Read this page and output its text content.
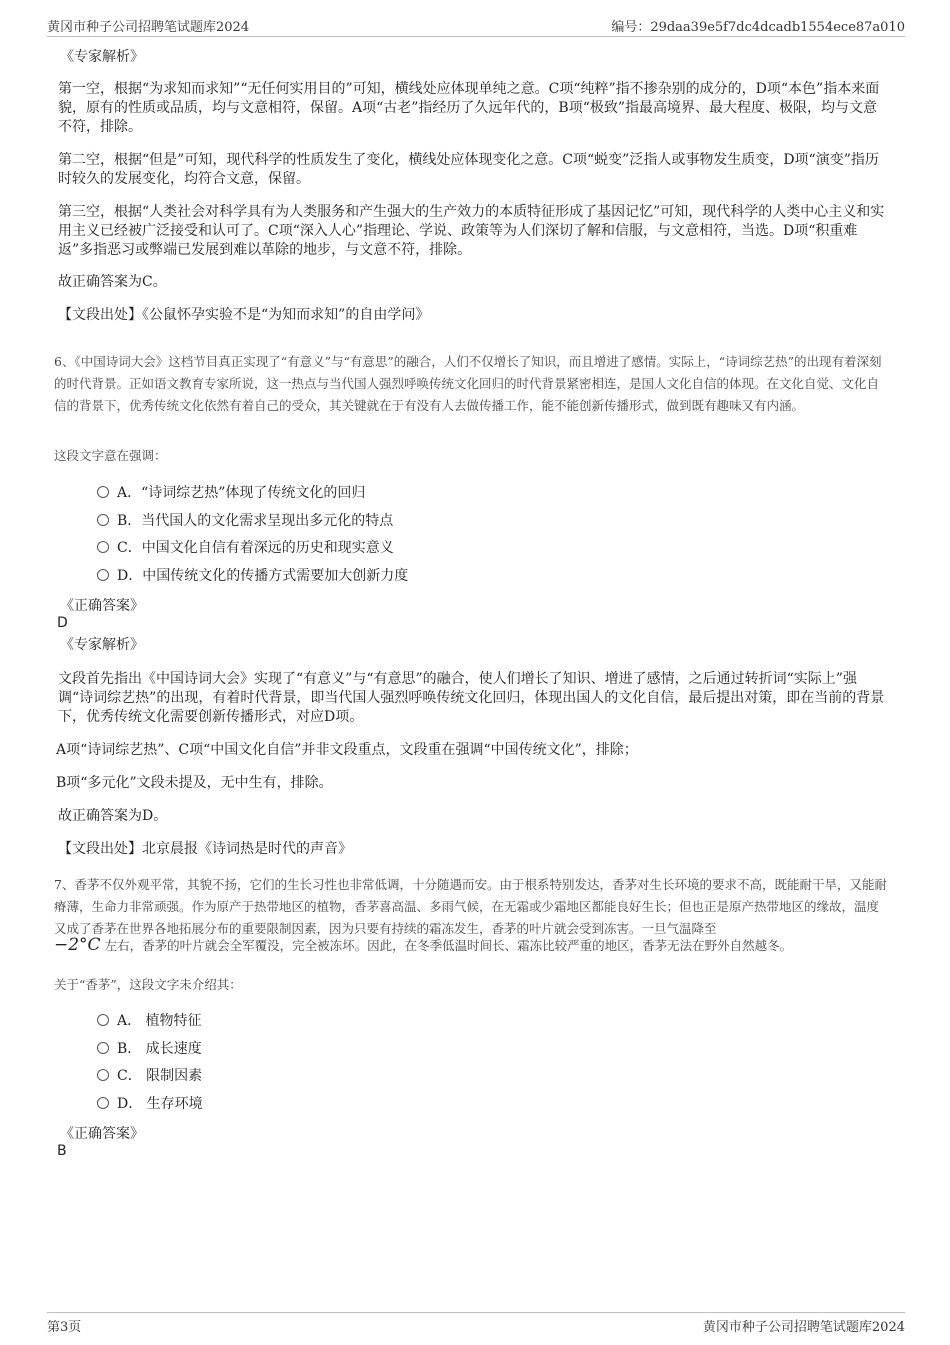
黄冈市种子公司招聘笔试题库2024	编号：29daa39e5f7dc4dcadb1554ece87a010
《专家解析》

第一空，根据“为求知而求知”“无任何实用目的”可知，横线处应体现单纯之意。C项“纯粹”指不掺杂别的成分的，D项“本色”指本来面貌，原有的性质或品质，均与文意相符，保留。A项“古老”指经历了久远年代的，B项“极致”指最高境界、最大程度、极限，均与文意不符，排除。

第二空，根据“但是”可知，现代科学的性质发生了变化，横线处应体现变化之意。C项“蜕变”泛指人或事物发生质变，D项“演变”指历时较久的发展变化，均符合文意，保留。

第三空，根据“人类社会对科学具有为人类服务和产生强大的生产效力的本质特征形成了基因记忆”可知，现代科学的人类中心主义和实用主义已经被广泛接受和认可了。C项“深入人心”指理论、学说、政策等为人们深切了解和信服，与文意相符，当选。D项“积重难返”多指恶习或弊端已发展到难以革除的地步，与文意不符，排除。

故正确答案为C。

【文段出处】《公鼠怀孕实验不是“为知而求知”的自由学问》

6、《中国诗词大会》这档节目真正实现了“有意义”与“有意思”的融合，人们不仅增长了知识，而且增进了感情。实际上，“诗词综艺热”的出现有着深刻的时代背景。正如语文教育专家所说，这一热点与当代国人强烈呼唤传统文化回归的时代背景紧密相连，是国人文化自信的体现。在文化自觉、文化自信的背景下，优秀传统文化依然有着自己的受众，其关键就在于有没有人去做传播工作，能不能创新传播形式，做到既有趣味又有内涵。

这段文字意在强调：

A．“诗词综艺热”体现了传统文化的回归
B．当代国人的文化需求呈现出多元化的特点
C．中国文化自信有着深远的历史和现实意义
D．中国传统文化的传播方式需要加大创新力度
《正确答案》
D
《专家解析》

文段首先指出《中国诗词大会》实现了“有意义”与“有意思”的融合，使人们增长了知识、增进了感情，之后通过转折词“实际上”强调“诗词综艺热”的出现，有着时代背景，即当代国人强烈呼唤传统文化回归，体现出国人的文化自信，最后提出对策，即在当前的背景下，优秀传统文化需要创新传播形式，对应D项。

A项“诗词综艺热”、C项“中国文化自信”并非文段重点，文段重在强调“中国传统文化”，排除；

B项“多元化”文段未提及，无中生有，排除。

故正确答案为D。

【文段出处】北京晨报《诗词热是时代的声音》

7、香茅不仅外观平常，其貌不扬，它们的生长习性也非常低调，十分随遇而安。由于根系特别发达，香茅对生长环境的要求不高，既能耐干旱，又能耐瘠薄，生命力非常顽强。作为原产于热带地区的植物，香茅喜高温、多雨气候，在无霜或少霜地区都能良好生长；但也正是原产热带地区的缘故，温度又成了香茅在世界各地拓展分布的重要限制因素，因为只要有持续的霜冻发生，香茅的叶片就会受到冻害。一旦气温降至

−2°C 左右，香茅的叶片就会全军覆没，完全被冻坏。因此，在冬季低温时间长、霜冻比较严重的地区，香茅无法在野外自然越冬。

关于“香茅”，这段文字未介绍其：

A． 植物特征
B． 成长速度
C． 限制因素
D． 生存环境
《正确答案》
B
第3页	黄冈市种子公司招聘笔试题库2024
